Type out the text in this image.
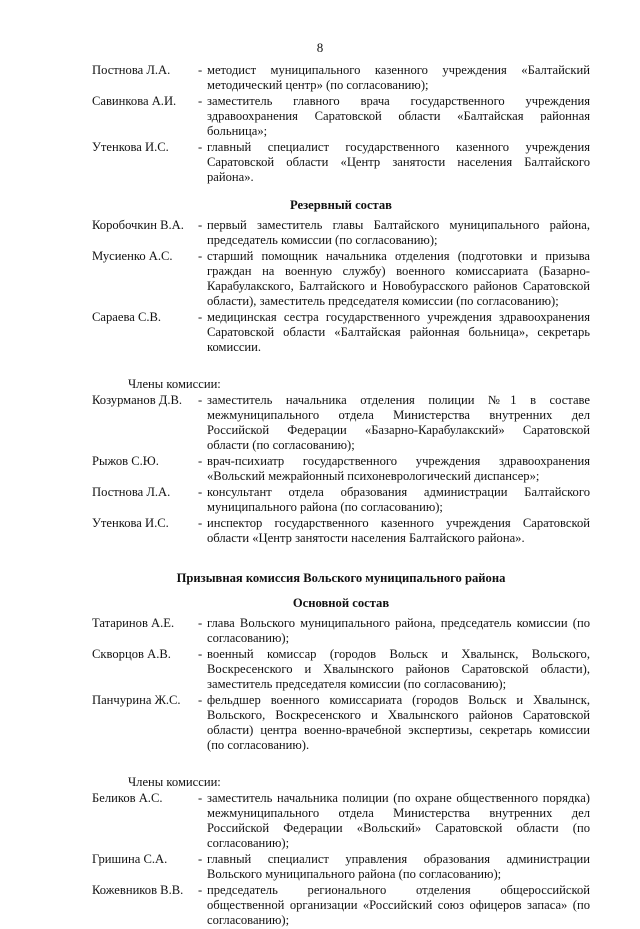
8
Постнова Л.А.	- методист муниципального казенного учреждения «Балтайский методический центр» (по согласованию);
Савинкова А.И.	- заместитель главного врача государственного учреждения здравоохранения Саратовской области «Балтайская районная больница»;
Утенкова И.С.	- главный специалист государственного казенного учреждения Саратовской области «Центр занятости населения Балтайского района».
Резервный состав
Коробочкин В.А.	- первый заместитель главы Балтайского муниципального района, председатель комиссии (по согласованию);
Мусиенко А.С.	- старший помощник начальника отделения (подготовки и призыва граждан на военную службу) военного комиссариата (Базарно-Карабулакского, Балтайского и Новобурасского районов Саратовской области), заместитель председателя комиссии (по согласованию);
Сараева С.В.	- медицинская сестра государственного учреждения здравоохранения Саратовской области «Балтайская районная больница», секретарь комиссии.
Члены комиссии:
Козурманов Д.В.	- заместитель начальника отделения полиции №1 в составе межмуниципального отдела Министерства внутренних дел Российской Федерации «Базарно-Карабулакский» Саратовской области (по согласованию);
Рыжов С.Ю.	- врач-психиатр государственного учреждения здравоохранения «Вольский межрайонный психоневрологический диспансер»;
Постнова Л.А.	- консультант отдела образования администрации Балтайского муниципального района (по согласованию);
Утенкова И.С.	- инспектор государственного казенного учреждения Саратовской области «Центр занятости населения Балтайского района».
Призывная комиссия Вольского муниципального района
Основной состав
Татаринов А.Е.	- глава Вольского муниципального района, председатель комиссии (по согласованию);
Скворцов А.В.	- военный комиссар (городов Вольск и Хвалынск, Вольского, Воскресенского и Хвалынского районов Саратовской области), заместитель председателя комиссии (по согласованию);
Панчурина Ж.С.	- фельдшер военного комиссариата (городов Вольск и Хвалынск, Вольского, Воскресенского и Хвалынского районов Саратовской области) центра военно-врачебной экспертизы, секретарь комиссии (по согласованию).
Члены комиссии:
Беликов А.С.	- заместитель начальника полиции (по охране общественного порядка) межмуниципального отдела Министерства внутренних дел Российской Федерации «Вольский» Саратовской области (по согласованию);
Гришина С.А.	- главный специалист управления образования администрации Вольского муниципального района (по согласованию);
Кожевников В.В.	- председатель регионального отделения общероссийской общественной организации «Российский союз офицеров запаса» (по согласованию);
